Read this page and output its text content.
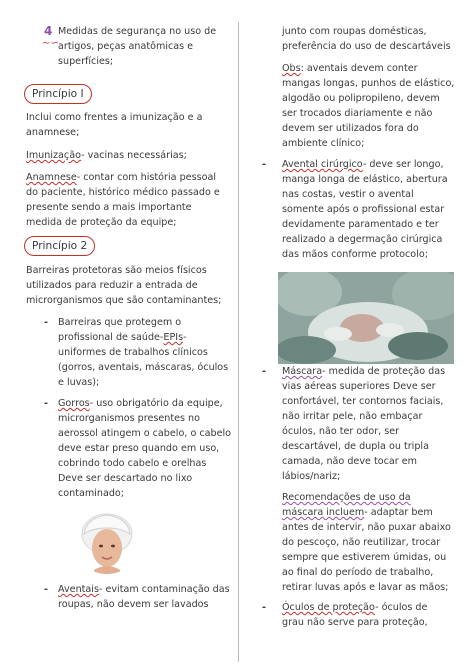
4
∼∽
Medidas de segurança no uso de
artigos, peças anatômicas e
superfícies;
Princípio I
Inclui como frentes a imunização e a
anamnese;
Imunização- vacinas necessárias;
Anamnese- contar com história pessoal
do paciente, histórico médico passado e
presente sendo a mais importante
medida de proteção da equipe;
Princípio 2
Barreiras protetoras são meios físicos
utilizados para reduzir a entrada de
microrganismos que são contaminantes;
- Barreiras que protegem o
profissional de saúde-EPIs-
uniformes de trabalhos clínicos
(gorros, aventais, máscaras, óculos
e luvas);
- Gorros- uso obrigatório da equipe,
microrganismos presentes no
aerossol atingem o cabelo, o cabelo
deve estar preso quando em uso,
cobrindo todo cabelo e orelhas
Deve ser descartado no lixo
contaminado;
- Aventais- evitam contaminação das
roupas, não devem ser lavados
junto com roupas domésticas,
preferência do uso de descartáveis
Obs: aventais devem conter
mangas longas, punhos de elástico,
algodão ou polipropileno, devem
ser trocados diariamente e não
devem ser utilizados fora do
ambiente clínico;
- Avental cirúrgico- deve ser longo,
manga longa de elástico, abertura
nas costas, vestir o avental
somente após o profissional estar
devidamente paramentado e ter
realizado a degermação cirúrgica
das mãos conforme protocolo;
- Máscara- medida de proteção das
vias aéreas superiores Deve ser
confortável, ter contornos faciais,
não irritar pele, não embaçar
óculos, não ter odor, ser
descartável, de dupla ou tripla
camada, não deve tocar em
lábios/nariz;
Recomendações de uso da
máscara incluem- adaptar bem
antes de intervir, não puxar abaixo
do pescoço, não reutilizar, trocar
sempre que estiverem úmidas, ou
ao final do período de trabalho,
retirar luvas após e lavar as mãos;
- Óculos de proteção- óculos de
grau não serve para proteção,
